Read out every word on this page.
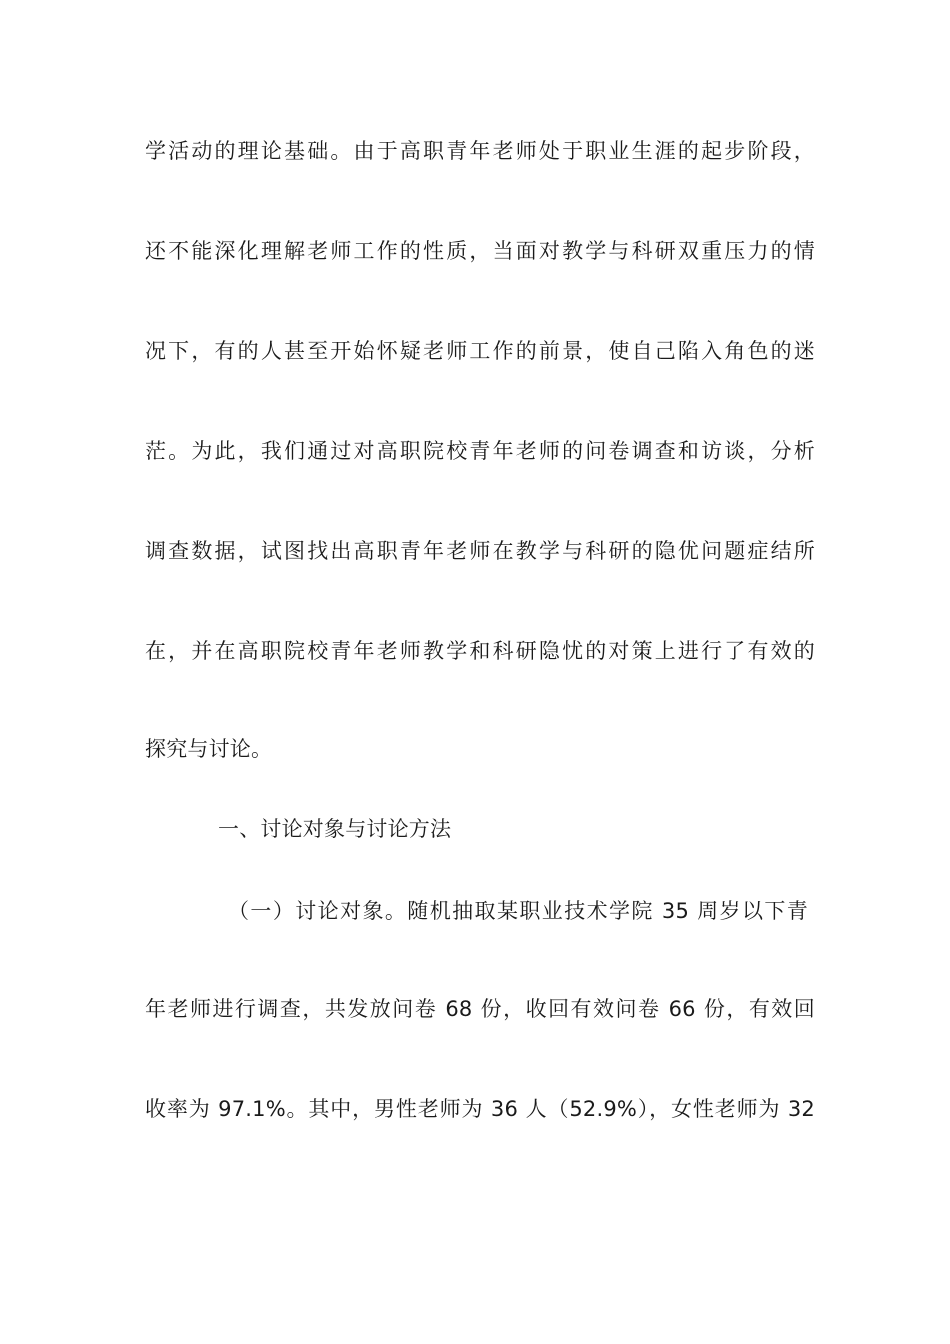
学活动的理论基础。由于高职青年老师处于职业生涯的起步阶段，
还不能深化理解老师工作的性质，当面对教学与科研双重压力的情
况下，有的人甚至开始怀疑老师工作的前景，使自己陷入角色的迷
茫。为此，我们通过对高职院校青年老师的问卷调查和访谈，分析
调查数据，试图找出高职青年老师在教学与科研的隐优问题症结所
在，并在高职院校青年老师教学和科研隐忧的对策上进行了有效的
探究与讨论。
一、讨论对象与讨论方法
（一）讨论对象。随机抽取某职业技术学院 35 周岁以下青
年老师进行调查，共发放问卷 68 份，收回有效问卷 66 份，有效回
收率为 97.1%。其中，男性老师为 36 人（52.9%），女性老师为 32
